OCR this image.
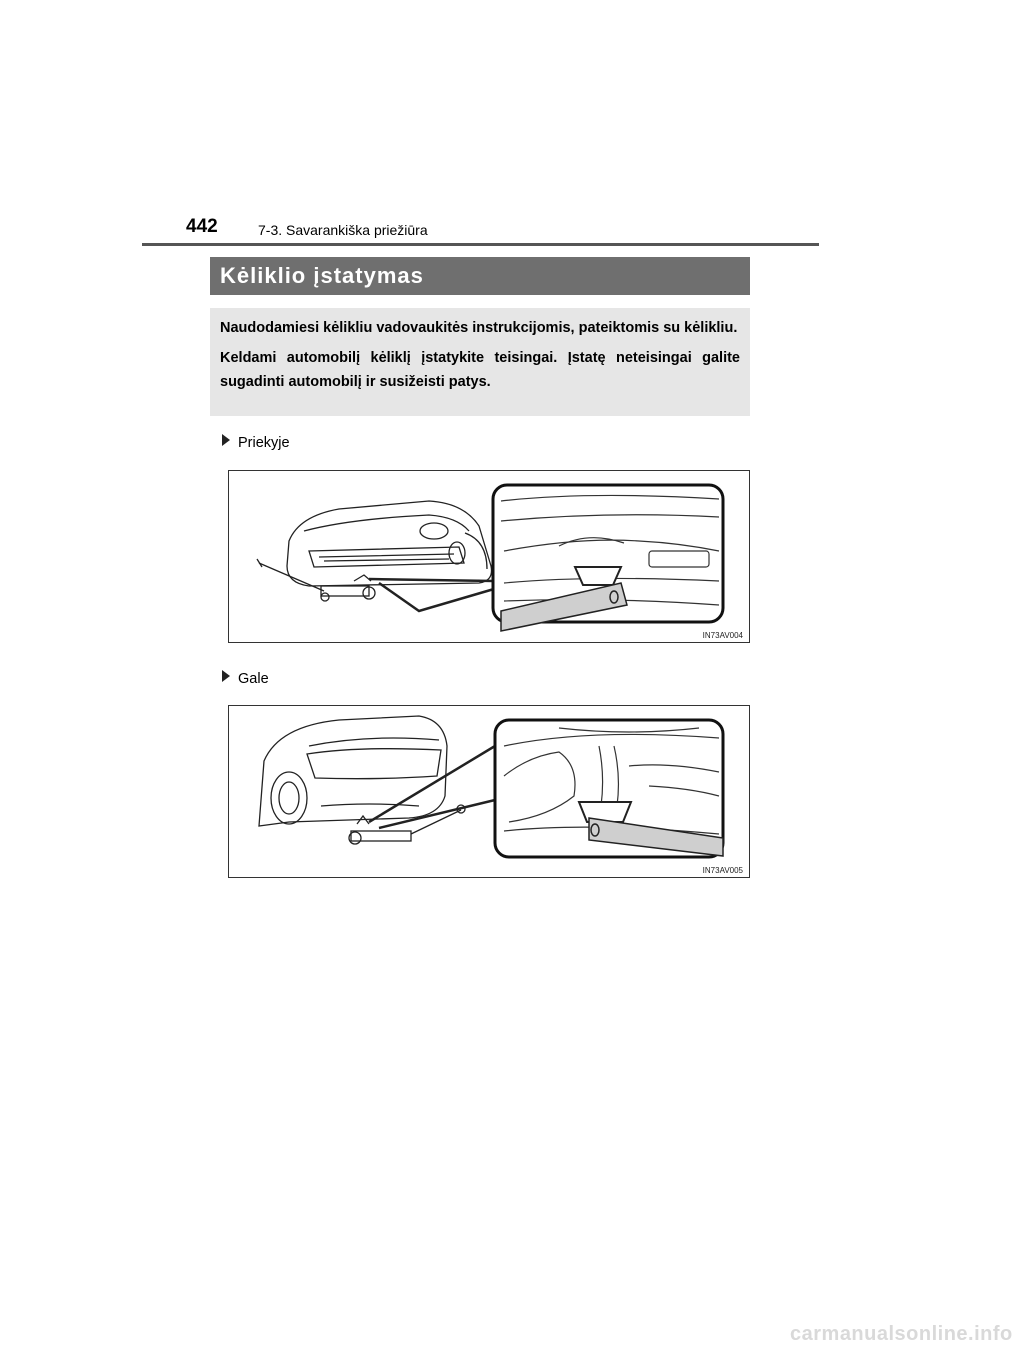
442	7-3. Savarankiška priežiūra
Kėliklio įstatymas

Naudodamiesi kėlikliu vadovaukitės instrukcijomis, pateiktomis su kėlikliu.

Keldami automobilį kėliklį įstatykite teisingai. Įstatę neteisingai galite sugadinti automobilį ir susižeisti patys.

Priekyje
IN73AV004
Gale
IN73AV005
carmanualsonline.info
